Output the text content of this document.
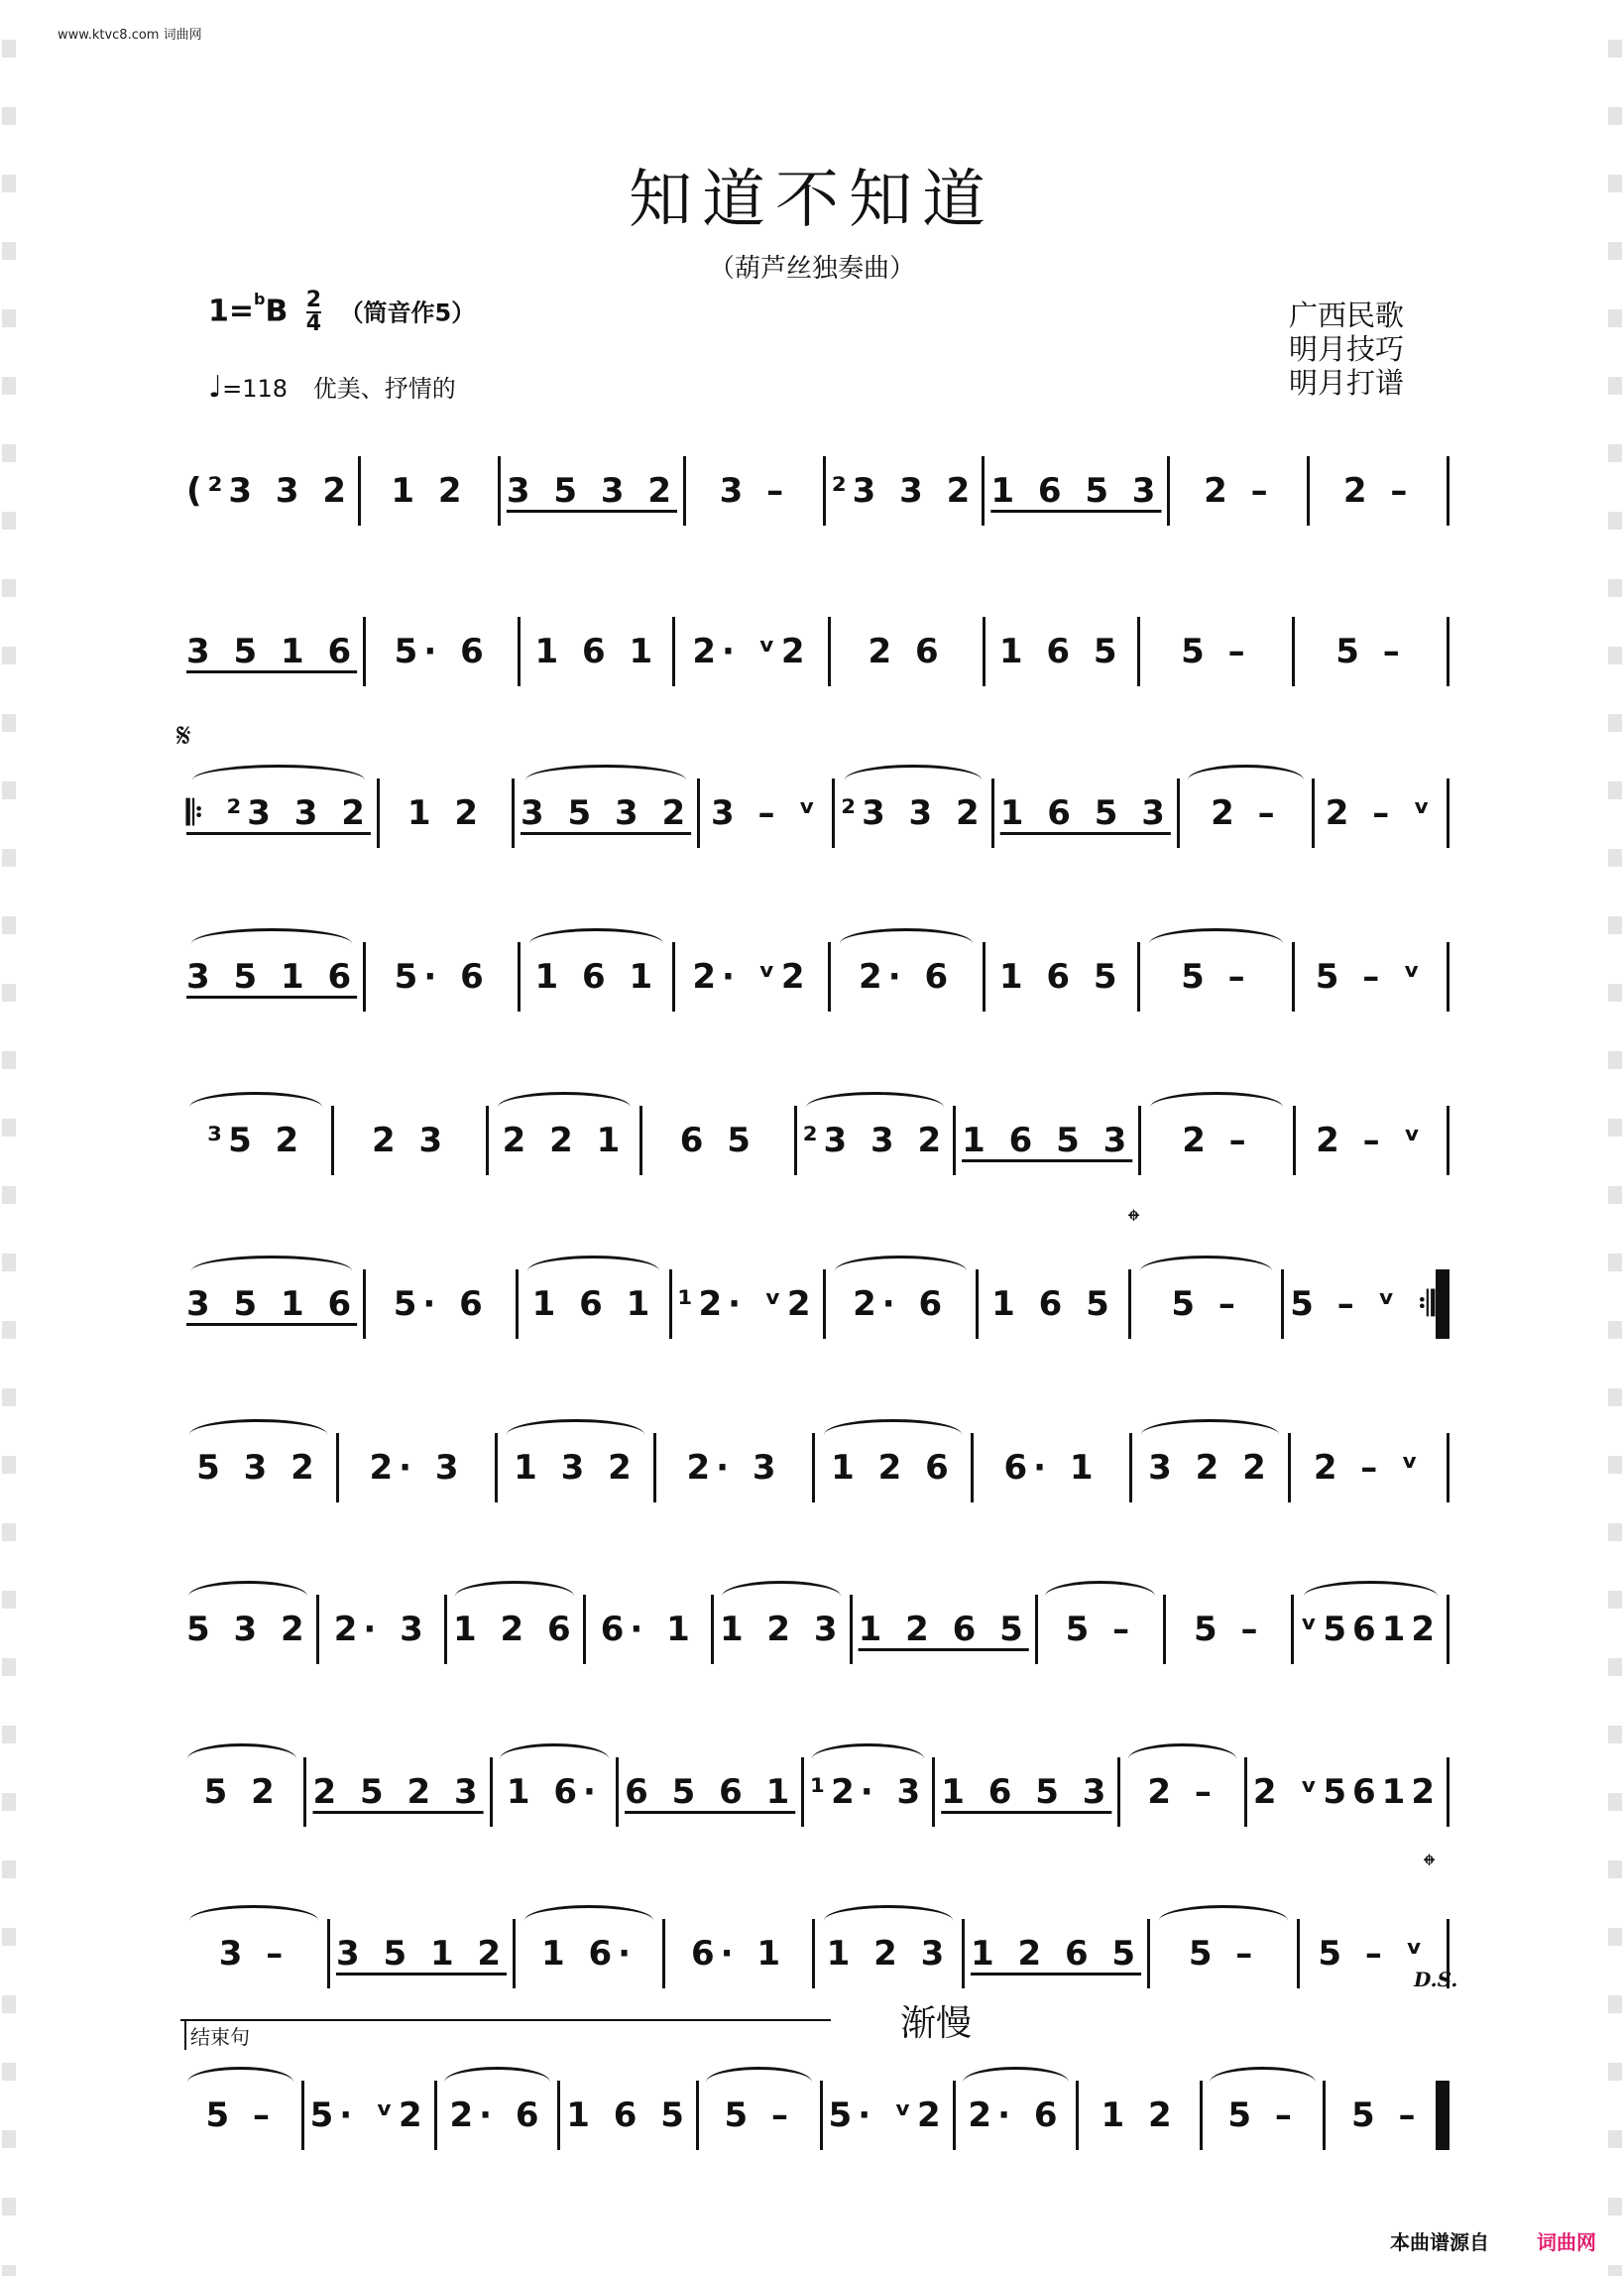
www.ktvc8.com 词曲网
知道不知道
（葫芦丝独奏曲）
$1=^bB \frac{2}{4}$ （筒音作5）
♩=118 优美、抒情的
广西民歌
明月技巧
明月打谱
𝄋
𝄌
𝄌
D.S.
渐慢
结束句
(²3 3 2 1 2 3 5 3 2 3 – ²3 3 2 1 6 5 3 2 – 2 –
3 5 1 6 5· 6 1 6 1 2· ᵛ2 2 6 1 6 5 5 –	5 –
𝄆 ²3 3 2 1 2 3 5 3 2 3 – ᵛ ²3 3 2 1 6 5 3 2 – 2 – ᵛ
3 5 1 6 5· 6 1 6 1 2· ᵛ2 2· 6 1 6 5 5 – 5 – ᵛ
³5 2 2 3 2 2 1 6 5 ²3 3 2 1 6 5 3 2 – 2 – ᵛ
3 5 1 6 5· 6 1 6 1 ¹2· ᵛ2 2· 6 1 6 5 5 – 5 – ᵛ 𝄇
5 3 2 2· 3 1 3 2 2· 3 1 2 6 6· 1 3 2 2 2 – ᵛ
5 3 2 2· 3 1 2 6 6· 1 1 2 3 1 2 6 5 5 – 5 – ᵛ5612
5 2 2 5 2 3 1 6· 6 5 6 1 ¹2· 3 1 6 5 3 2 – 2 ᵛ5612
3 – 3 5 1 2 1 6· 6· 1 1 2 3 1 2 6 5 5 – 5 – ᵛ
5 – 5· ᵛ2 2· 6 1 6 5 5 – 5· ᵛ2 2· 6 1 2 5 – 5 –
本曲谱源自 词曲网
